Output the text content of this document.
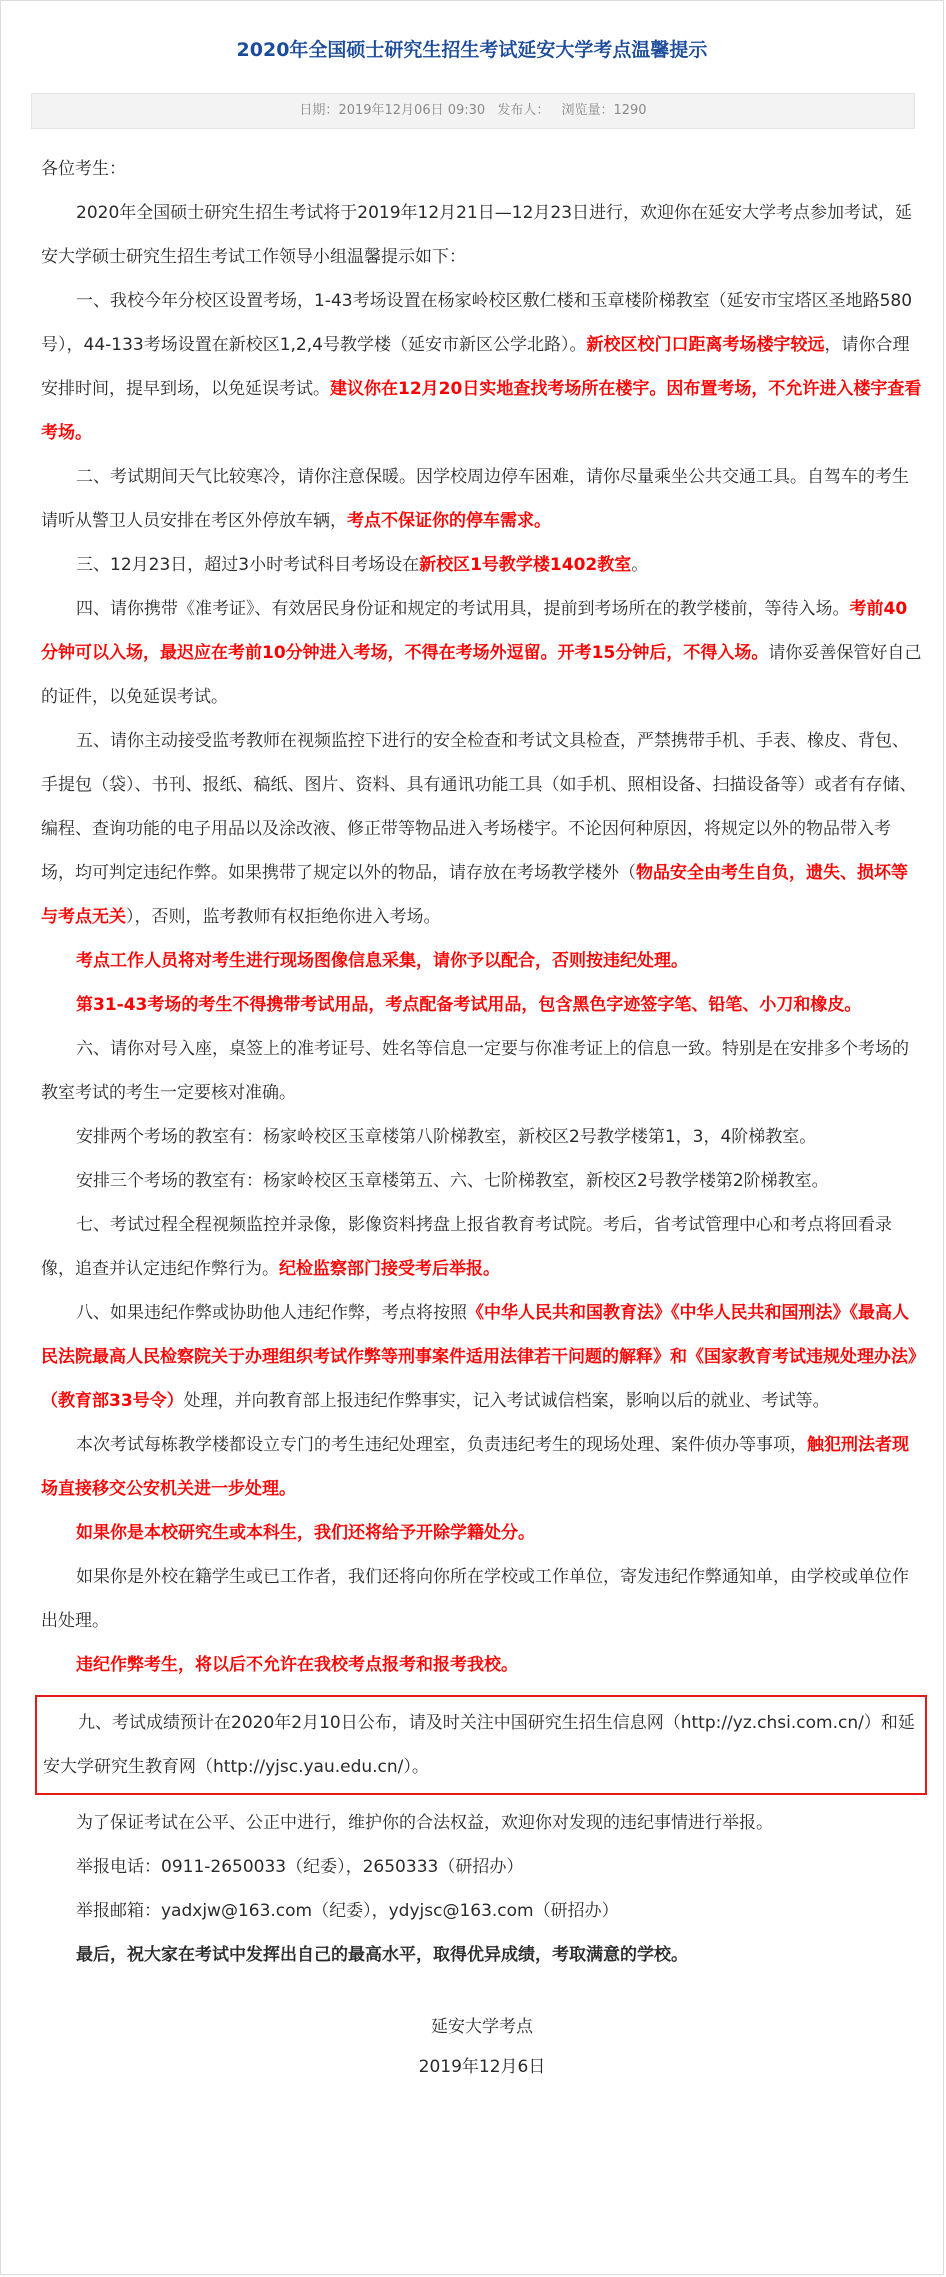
2020年全国硕士研究生招生考试延安大学考点温馨提示
日期：2019年12月06日 09:30 发布人： 浏览量：1290

各位考生：

2020年全国硕士研究生招生考试将于2019年12月21日—12月23日进行，欢迎你在延安大学考点参加考试，延安大学硕士研究生招生考试工作领导小组温馨提示如下：

一、我校今年分校区设置考场，1-43考场设置在杨家岭校区敷仁楼和玉章楼阶梯教室（延安市宝塔区圣地路580号），44-133考场设置在新校区1,2,4号教学楼（延安市新区公学北路）。新校区校门口距离考场楼宇较远，请你合理安排时间，提早到场，以免延误考试。建议你在12月20日实地查找考场所在楼宇。因布置考场，不允许进入楼宇查看考场。

二、考试期间天气比较寒冷，请你注意保暖。因学校周边停车困难，请你尽量乘坐公共交通工具。自驾车的考生请听从警卫人员安排在考区外停放车辆，考点不保证你的停车需求。

三、12月23日，超过3小时考试科目考场设在新校区1号教学楼1402教室。

四、请你携带《准考证》、有效居民身份证和规定的考试用具，提前到考场所在的教学楼前，等待入场。考前40分钟可以入场，最迟应在考前10分钟进入考场，不得在考场外逗留。开考15分钟后，不得入场。请你妥善保管好自己的证件，以免延误考试。

五、请你主动接受监考教师在视频监控下进行的安全检查和考试文具检查，严禁携带手机、手表、橡皮、背包、手提包（袋）、书刊、报纸、稿纸、图片、资料、具有通讯功能工具（如手机、照相设备、扫描设备等）或者有存储、编程、查询功能的电子用品以及涂改液、修正带等物品进入考场楼宇。不论因何种原因，将规定以外的物品带入考场，均可判定违纪作弊。如果携带了规定以外的物品，请存放在考场教学楼外（物品安全由考生自负，遗失、损坏等与考点无关），否则，监考教师有权拒绝你进入考场。

考点工作人员将对考生进行现场图像信息采集，请你予以配合，否则按违纪处理。

第31-43考场的考生不得携带考试用品，考点配备考试用品，包含黑色字迹签字笔、铅笔、小刀和橡皮。

六、请你对号入座，桌签上的准考证号、姓名等信息一定要与你准考证上的信息一致。特别是在安排多个考场的教室考试的考生一定要核对准确。

安排两个考场的教室有：杨家岭校区玉章楼第八阶梯教室，新校区2号教学楼第1，3，4阶梯教室。

安排三个考场的教室有：杨家岭校区玉章楼第五、六、七阶梯教室，新校区2号教学楼第2阶梯教室。

七、考试过程全程视频监控并录像，影像资料拷盘上报省教育考试院。考后，省考试管理中心和考点将回看录像，追查并认定违纪作弊行为。纪检监察部门接受考后举报。

八、如果违纪作弊或协助他人违纪作弊，考点将按照《中华人民共和国教育法》《中华人民共和国刑法》《最高人民法院最高人民检察院关于办理组织考试作弊等刑事案件适用法律若干问题的解释》和《国家教育考试违规处理办法》（教育部33号令）处理，并向教育部上报违纪作弊事实，记入考试诚信档案，影响以后的就业、考试等。

本次考试每栋教学楼都设立专门的考生违纪处理室，负责违纪考生的现场处理、案件侦办等事项，触犯刑法者现场直接移交公安机关进一步处理。

如果你是本校研究生或本科生，我们还将给予开除学籍处分。

如果你是外校在籍学生或已工作者，我们还将向你所在学校或工作单位，寄发违纪作弊通知单，由学校或单位作出处理。

违纪作弊考生，将以后不允许在我校考点报考和报考我校。

九、考试成绩预计在2020年2月10日公布，请及时关注中国研究生招生信息网（http://yz.chsi.com.cn/）和延安大学研究生教育网（http://yjsc.yau.edu.cn/）。

为了保证考试在公平、公正中进行，维护你的合法权益，欢迎你对发现的违纪事情进行举报。

举报电话：0911-2650033（纪委），2650333（研招办）

举报邮箱：yadxjw@163.com（纪委），ydyjsc@163.com（研招办）

最后，祝大家在考试中发挥出自己的最高水平，取得优异成绩，考取满意的学校。

延安大学考点
2019年12月6日
